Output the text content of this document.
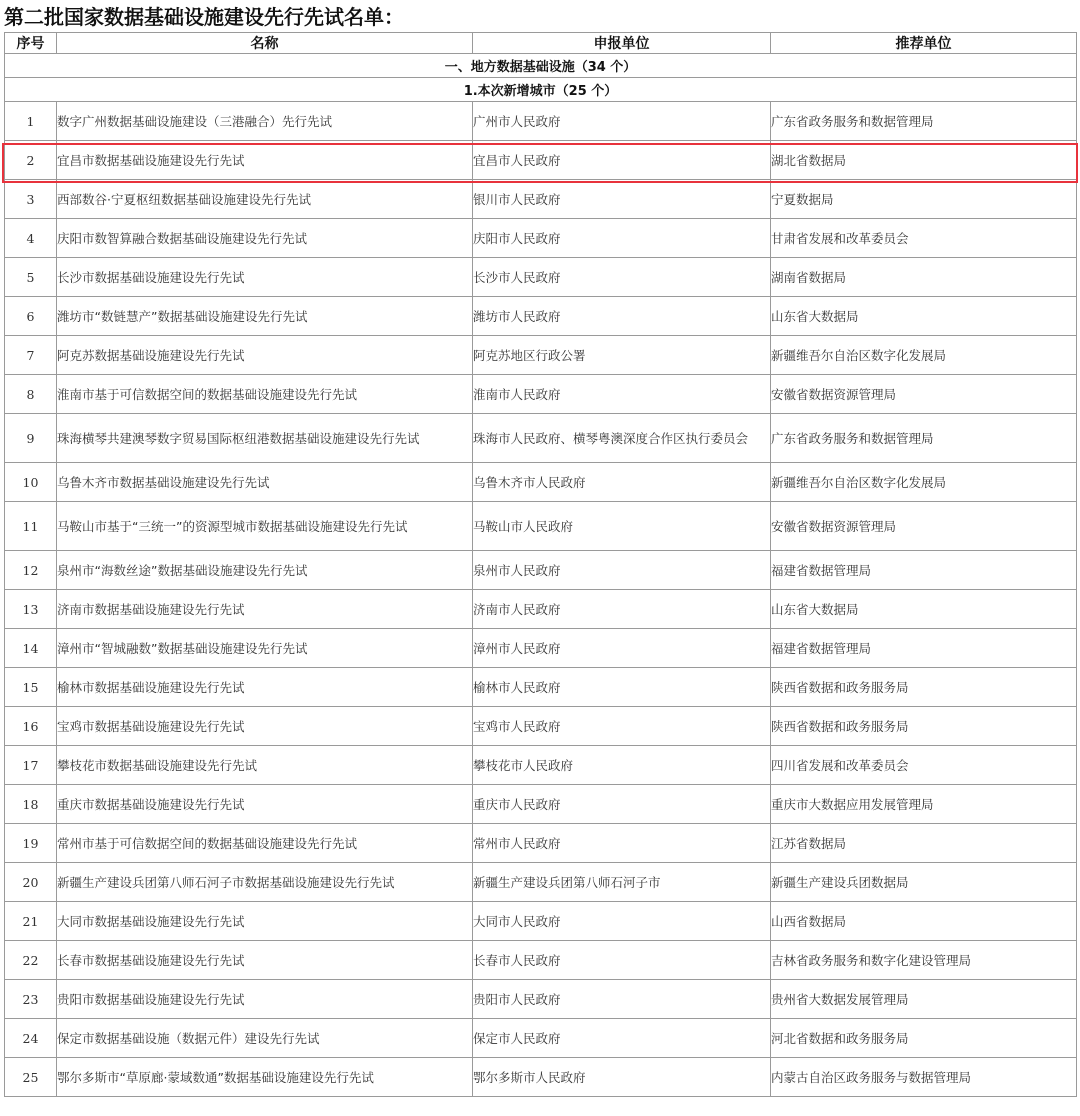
第二批国家数据基础设施建设先行先试名单：
序号	名称	申报单位	推荐单位
一、地方数据基础设施（34 个）			
1.本次新增城市（25 个）			
1	数字广州数据基础设施建设（三港融合）先行先试	广州市人民政府	广东省政务服务和数据管理局
2	宜昌市数据基础设施建设先行先试	宜昌市人民政府	湖北省数据局
3	西部数谷·宁夏枢纽数据基础设施建设先行先试	银川市人民政府	宁夏数据局
4	庆阳市数智算融合数据基础设施建设先行先试	庆阳市人民政府	甘肃省发展和改革委员会
5	长沙市数据基础设施建设先行先试	长沙市人民政府	湖南省数据局
6	潍坊市“数链慧产”数据基础设施建设先行先试	潍坊市人民政府	山东省大数据局
7	阿克苏数据基础设施建设先行先试	阿克苏地区行政公署	新疆维吾尔自治区数字化发展局
8	淮南市基于可信数据空间的数据基础设施建设先行先试	淮南市人民政府	安徽省数据资源管理局
9	珠海横琴共建澳琴数字贸易国际枢纽港数据基础设施建设先行先试	珠海市人民政府、横琴粤澳深度合作区执行委员会	广东省政务服务和数据管理局
10	乌鲁木齐市数据基础设施建设先行先试	乌鲁木齐市人民政府	新疆维吾尔自治区数字化发展局
11	马鞍山市基于“三统一”的资源型城市数据基础设施建设先行先试	马鞍山市人民政府	安徽省数据资源管理局
12	泉州市“海数丝途”数据基础设施建设先行先试	泉州市人民政府	福建省数据管理局
13	济南市数据基础设施建设先行先试	济南市人民政府	山东省大数据局
14	漳州市“智城融数”数据基础设施建设先行先试	漳州市人民政府	福建省数据管理局
15	榆林市数据基础设施建设先行先试	榆林市人民政府	陕西省数据和政务服务局
16	宝鸡市数据基础设施建设先行先试	宝鸡市人民政府	陕西省数据和政务服务局
17	攀枝花市数据基础设施建设先行先试	攀枝花市人民政府	四川省发展和改革委员会
18	重庆市数据基础设施建设先行先试	重庆市人民政府	重庆市大数据应用发展管理局
19	常州市基于可信数据空间的数据基础设施建设先行先试	常州市人民政府	江苏省数据局
20	新疆生产建设兵团第八师石河子市数据基础设施建设先行先试	新疆生产建设兵团第八师石河子市	新疆生产建设兵团数据局
21	大同市数据基础设施建设先行先试	大同市人民政府	山西省数据局
22	长春市数据基础设施建设先行先试	长春市人民政府	吉林省政务服务和数字化建设管理局
23	贵阳市数据基础设施建设先行先试	贵阳市人民政府	贵州省大数据发展管理局
24	保定市数据基础设施（数据元件）建设先行先试	保定市人民政府	河北省数据和政务服务局
25	鄂尔多斯市“草原廊·蒙域数通”数据基础设施建设先行先试	鄂尔多斯市人民政府	内蒙古自治区政务服务与数据管理局
